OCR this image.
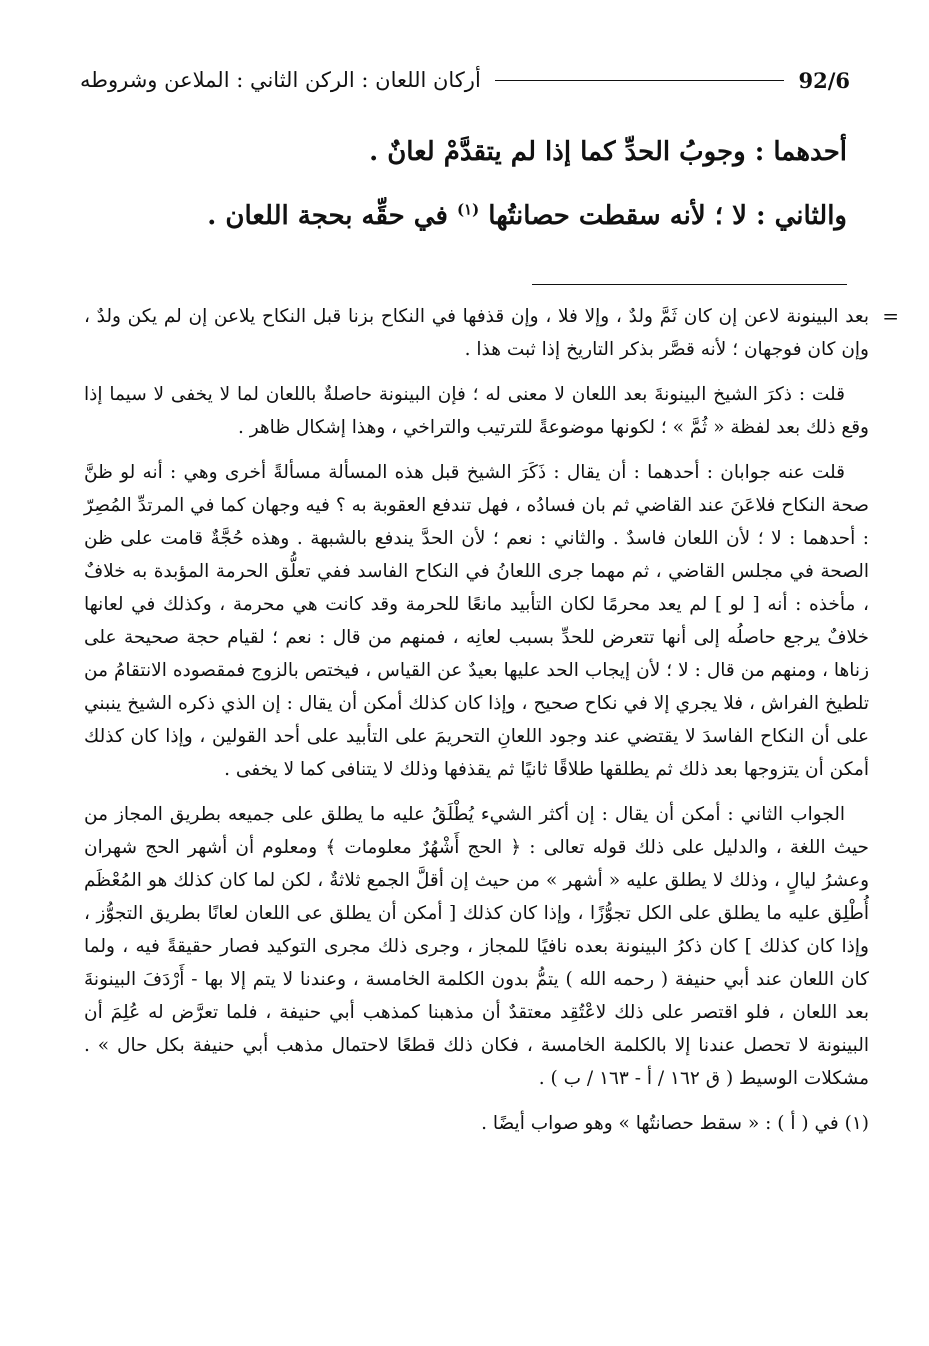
92/6
أركان اللعان : الركن الثاني : الملاعن وشروطه

أحدهما : وجوبُ الحدِّ كما إذا لم يتقدَّمْ لعانٌ .

والثاني : لا ؛ لأنه سقطت حصانتُها $^{(١)}$ في حقِّه بحجة اللعان .

=
بعد البينونة لاعن إن كان ثَمَّ ولدٌ ، وإلا فلا ، وإن قذفها في النكاح بزنا قبل النكاح يلاعن إن لم يكن ولدٌ ، وإن كان فوجهان ؛ لأنه قصَّر بذكر التاريخ إذا ثبت هذا .

قلت : ذكرَ الشيخ البينونةَ بعد اللعان لا معنى له ؛ فإن البينونة حاصلةٌ باللعان لما لا يخفى لا سيما إذا وقع ذلك بعد لفظة « ثُمَّ » ؛ لكونها موضوعةً للترتيب والتراخي ، وهذا إشكال ظاهر .

قلت عنه جوابان : أحدهما : أن يقال : ذَكَرَ الشيخ قبل هذه المسألة مسألةً أخرى وهي : أنه لو ظنَّ صحة النكاح فلاعَنَ عند القاضي ثم بان فسادُه ، فهل تندفع العقوبة به ؟ فيه وجهان كما في المرتدِّ المُصِرّ : أحدهما : لا ؛ لأن اللعان فاسدٌ . والثاني : نعم ؛ لأن الحدَّ يندفع بالشبهة . وهذه حُجَّةٌ قامت على ظن الصحة في مجلس القاضي ، ثم مهما جرى اللعانُ في النكاح الفاسد ففي تعلُّق الحرمة المؤبدة به خلافٌ ، مأخذه : أنه [ لو ] لم يعد محرمًا لكان التأبيد مانعًا للحرمة وقد كانت هي محرمة ، وكذلك في لعانها خلافٌ يرجع حاصلُه إلى أنها تتعرض للحدِّ بسبب لعانِه ، فمنهم من قال : نعم ؛ لقيام حجة صحيحة على زناها ، ومنهم من قال : لا ؛ لأن إيجاب الحد عليها بعيدٌ عن القياس ، فيختص بالزوج فمقصوده الانتقامُ من تلطيخ الفراش ، فلا يجري إلا في نكاح صحيح ، وإذا كان كذلك أمكن أن يقال : إن الذي ذكره الشيخ ينبني على أن النكاح الفاسدَ لا يقتضي عند وجود اللعانِ التحريمَ على التأبيد على أحد القولين ، وإذا كان كذلك أمكن أن يتزوجها بعد ذلك ثم يطلقها طلاقًا ثانيًا ثم يقذفها وذلك لا يتنافى كما لا يخفى .

الجواب الثاني : أمكن أن يقال : إن أكثر الشيء يُطْلَقُ عليه ما يطلق على جميعه بطريق المجاز من حيث اللغة ، والدليل على ذلك قوله تعالى : ﴿ الحج أَشْهُرٌ معلومات ﴾ ومعلوم أن أشهر الحج شهران وعشرُ ليالٍ ، وذلك لا يطلق عليه « أشهر » من حيث إن أقلَّ الجمع ثلاثةٌ ، لكن لما كان كذلك هو المُعْظَم أُطْلِق عليه ما يطلق على الكل تجوُّزًا ، وإذا كان كذلك [ أمكن أن يطلق عى اللعان لعانًا بطريق التجوُّز ، وإذا كان كذلك ] كان ذكرُ البينونة بعده نافيًا للمجاز ، وجرى ذلك مجرى التوكيد فصار حقيقةً فيه ، ولما كان اللعان عند أبي حنيفة ( رحمه الله ) يتمُّ بدون الكلمة الخامسة ، وعندنا لا يتم إلا بها - أَرْدَفَ البينونةَ بعد اللعان ، فلو اقتصر على ذلك لاعْتُقِد معتقدٌ أن مذهبنا كمذهب أبي حنيفة ، فلما تعرَّض له عُلِمَ أن البينونة لا تحصل عندنا إلا بالكلمة الخامسة ، فكان ذلك قطعًا لاحتمال مذهب أبي حنيفة بكل حال » . مشكلات الوسيط ( ق ١٦٢ / أ - ١٦٣ / ب ) .

(١) في ( أ ) : « سقط حصانتُها » وهو صواب أيضًا .
